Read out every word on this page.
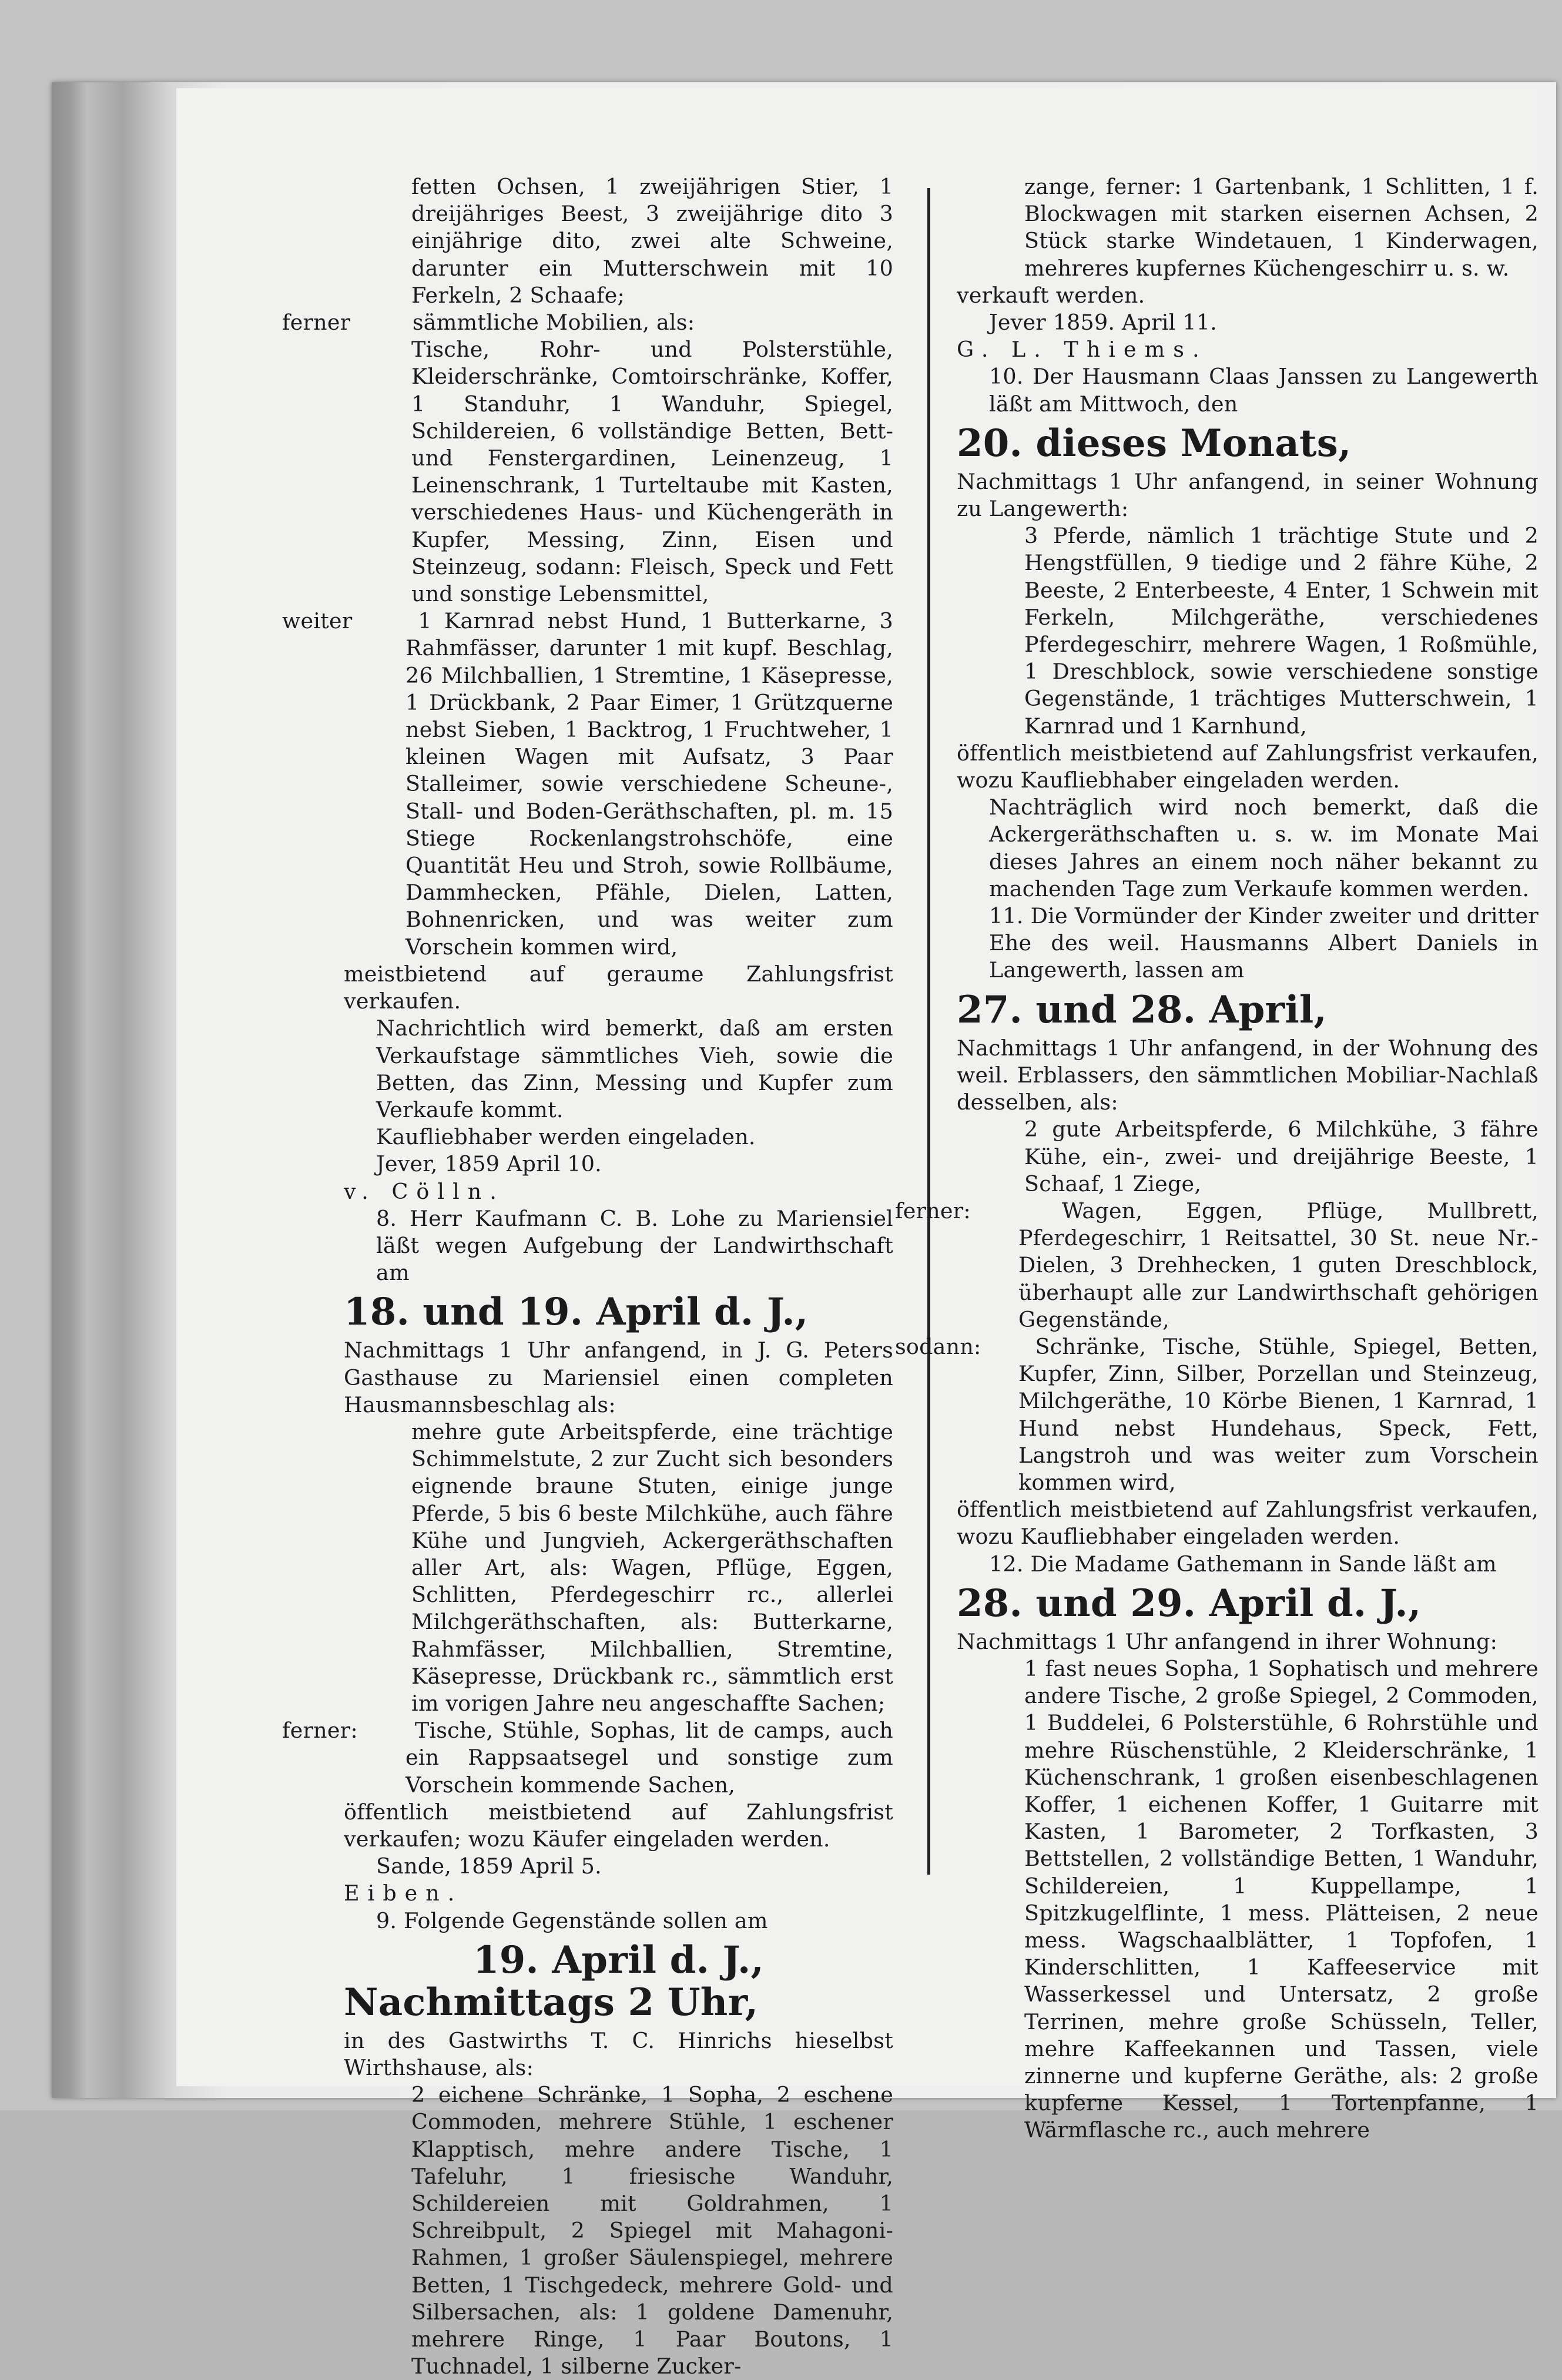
fetten Ochsen, 1 zweijährigen Stier, 1 dreijähriges Beest, 3 zweijährige dito 3 einjährige dito, zwei alte Schweine, darunter ein Mutterschwein mit 10 Ferkeln, 2 Schaafe;

ferner	sämmtliche Mobilien, als:

Tische, Rohr- und Polsterstühle, Kleiderschränke, Comtoirschränke, Koffer, 1 Standuhr, 1 Wanduhr, Spiegel, Schildereien, 6 vollständige Betten, Bett- und Fenstergardinen, Leinenzeug, 1 Leinenschrank, 1 Turteltaube mit Kasten, verschiedenes Haus- und Küchengeräth in Kupfer, Messing, Zinn, Eisen und Steinzeug, sodann: Fleisch, Speck und Fett und sonstige Lebensmittel,

weiter	1 Karnrad nebst Hund, 1 Butterkarne, 3 Rahmfässer, darunter 1 mit kupf. Beschlag, 26 Milchballien, 1 Stremtine, 1 Käsepresse, 1 Drückbank, 2 Paar Eimer, 1 Grützquerne nebst Sieben, 1 Backtrog, 1 Fruchtweher, 1 kleinen Wagen mit Aufsatz, 3 Paar Stalleimer, sowie verschiedene Scheune-, Stall- und Boden-Geräthschaften, pl. m. 15 Stiege Rockenlangstrohschöfe, eine Quantität Heu und Stroh, sowie Rollbäume, Dammhecken, Pfähle, Dielen, Latten, Bohnenricken, und was weiter zum Vorschein kommen wird,

meistbietend auf geraume Zahlungsfrist verkaufen.

Nachrichtlich wird bemerkt, daß am ersten Verkaufstage sämmtliches Vieh, sowie die Betten, das Zinn, Messing und Kupfer zum Verkaufe kommt.

Kaufliebhaber werden eingeladen.

Jever, 1859 April 10.

v. Cölln.

8. Herr Kaufmann C. B. Lohe zu Mariensiel läßt wegen Aufgebung der Landwirthschaft am

18. und 19. April d. J.,

Nachmittags 1 Uhr anfangend, in J. G. Peters Gasthause zu Mariensiel einen completen Hausmannsbeschlag als:

mehre gute Arbeitspferde, eine trächtige Schimmelstute, 2 zur Zucht sich besonders eignende braune Stuten, einige junge Pferde, 5 bis 6 beste Milchkühe, auch fähre Kühe und Jungvieh, Ackergeräthschaften aller Art, als: Wagen, Pflüge, Eggen, Schlitten, Pferdegeschirr rc., allerlei Milchgeräthschaften, als: Butterkarne, Rahmfässer, Milchballien, Stremtine, Käsepresse, Drückbank rc., sämmtlich erst im vorigen Jahre neu angeschaffte Sachen;

ferner:	Tische, Stühle, Sophas, lit de camps, auch ein Rappsaatsegel und sonstige zum Vorschein kommende Sachen,

öffentlich meistbietend auf Zahlungsfrist verkaufen; wozu Käufer eingeladen werden.

Sande, 1859 April 5.

Eiben.

9. Folgende Gegenstände sollen am

19. April d. J., Nachmittags 2 Uhr,

in des Gastwirths T. C. Hinrichs hieselbst Wirthshause, als:

2 eichene Schränke, 1 Sopha, 2 eschene Commoden, mehrere Stühle, 1 eschener Klapptisch, mehre andere Tische, 1 Tafeluhr, 1 friesische Wanduhr, Schildereien mit Goldrahmen, 1 Schreibpult, 2 Spiegel mit Mahagoni-Rahmen, 1 großer Säulenspiegel, mehrere Betten, 1 Tischgedeck, mehrere Gold- und Silbersachen, als: 1 goldene Damenuhr, mehrere Ringe, 1 Paar Boutons, 1 Tuchnadel, 1 silberne Zucker-

zange, ferner: 1 Gartenbank, 1 Schlitten, 1 f. Blockwagen mit starken eisernen Achsen, 2 Stück starke Windetauen, 1 Kinderwagen, mehreres kupfernes Küchengeschirr u. s. w.

verkauft werden.

Jever 1859. April 11.

G. L. Thiems.

10. Der Hausmann Claas Janssen zu Langewerth läßt am Mittwoch, den

20. dieses Monats,

Nachmittags 1 Uhr anfangend, in seiner Wohnung zu Langewerth:

3 Pferde, nämlich 1 trächtige Stute und 2 Hengstfüllen, 9 tiedige und 2 fähre Kühe, 2 Beeste, 2 Enterbeeste, 4 Enter, 1 Schwein mit Ferkeln, Milchgeräthe, verschiedenes Pferdegeschirr, mehrere Wagen, 1 Roßmühle, 1 Dreschblock, sowie verschiedene sonstige Gegenstände, 1 trächtiges Mutterschwein, 1 Karnrad und 1 Karnhund,

öffentlich meistbietend auf Zahlungsfrist verkaufen, wozu Kaufliebhaber eingeladen werden.

Nachträglich wird noch bemerkt, daß die Ackergeräthschaften u. s. w. im Monate Mai dieses Jahres an einem noch näher bekannt zu machenden Tage zum Verkaufe kommen werden.

11. Die Vormünder der Kinder zweiter und dritter Ehe des weil. Hausmanns Albert Daniels in Langewerth, lassen am

27. und 28. April,

Nachmittags 1 Uhr anfangend, in der Wohnung des weil. Erblassers, den sämmtlichen Mobiliar-Nachlaß desselben, als:

2 gute Arbeitspferde, 6 Milchkühe, 3 fähre Kühe, ein-, zwei- und dreijährige Beeste, 1 Schaaf, 1 Ziege,

ferner:	Wagen, Eggen, Pflüge, Mullbrett, Pferdegeschirr, 1 Reitsattel, 30 St. neue Nr.-Dielen, 3 Drehhecken, 1 guten Dreschblock, überhaupt alle zur Landwirthschaft gehörigen Gegenstände,

sodann:	Schränke, Tische, Stühle, Spiegel, Betten, Kupfer, Zinn, Silber, Porzellan und Steinzeug, Milchgeräthe, 10 Körbe Bienen, 1 Karnrad, 1 Hund nebst Hundehaus, Speck, Fett, Langstroh und was weiter zum Vorschein kommen wird,

öffentlich meistbietend auf Zahlungsfrist verkaufen, wozu Kaufliebhaber eingeladen werden.

12. Die Madame Gathemann in Sande läßt am

28. und 29. April d. J.,

Nachmittags 1 Uhr anfangend in ihrer Wohnung:

1 fast neues Sopha, 1 Sophatisch und mehrere andere Tische, 2 große Spiegel, 2 Commoden, 1 Buddelei, 6 Polsterstühle, 6 Rohrstühle und mehre Rüschenstühle, 2 Kleiderschränke, 1 Küchenschrank, 1 großen eisenbeschlagenen Koffer, 1 eichenen Koffer, 1 Guitarre mit Kasten, 1 Barometer, 2 Torfkasten, 3 Bettstellen, 2 vollständige Betten, 1 Wanduhr, Schildereien, 1 Kuppellampe, 1 Spitzkugelflinte, 1 mess. Plätteisen, 2 neue mess. Wagschaalblätter, 1 Topfofen, 1 Kinderschlitten, 1 Kaffeeservice mit Wasserkessel und Untersatz, 2 große Terrinen, mehre große Schüsseln, Teller, mehre Kaffeekannen und Tassen, viele zinnerne und kupferne Geräthe, als: 2 große kupferne Kessel, 1 Tortenpfanne, 1 Wärmflasche rc., auch mehrere
